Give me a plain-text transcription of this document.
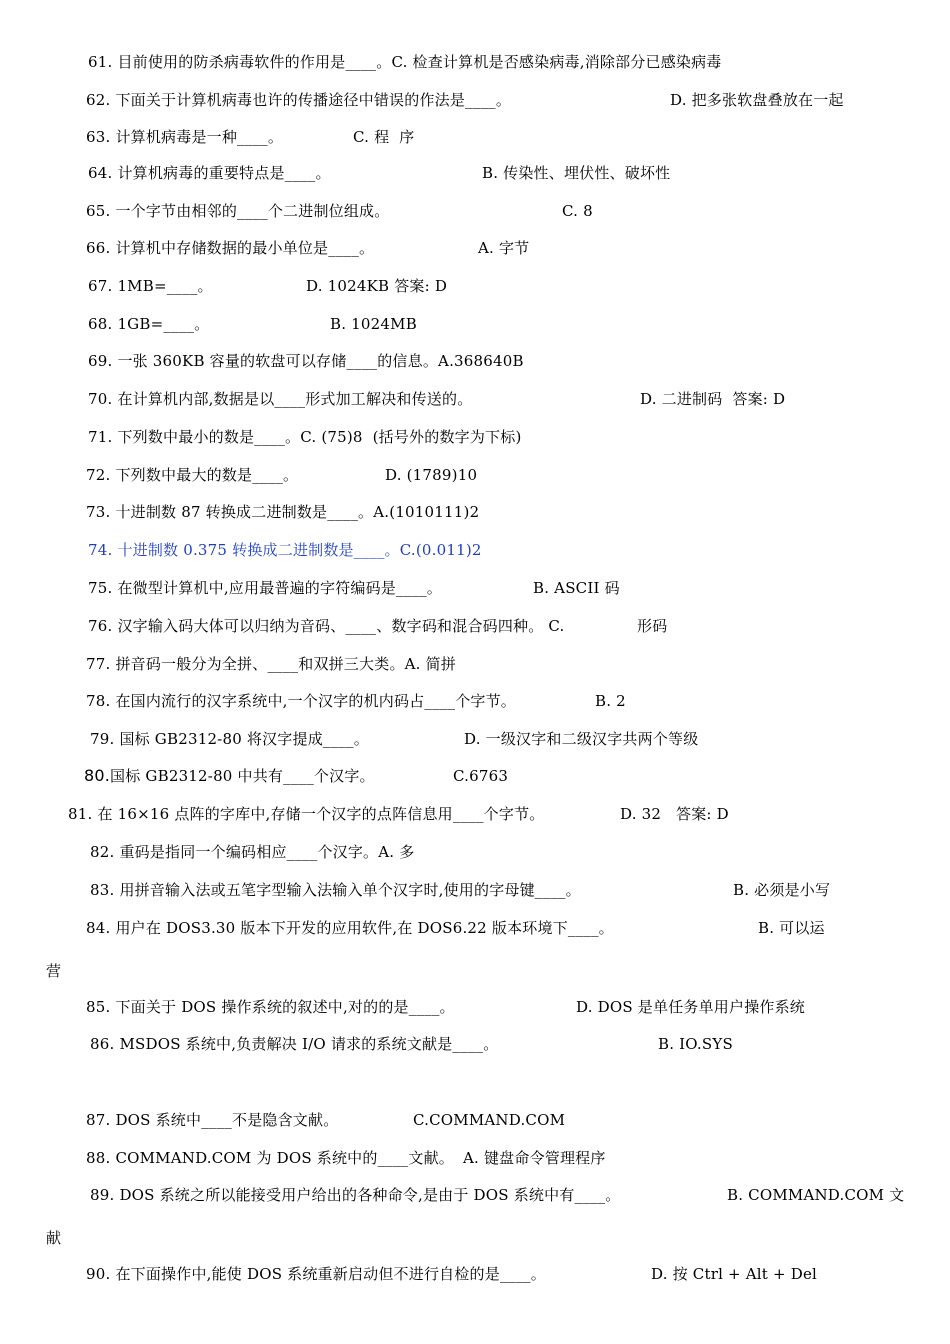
61. 目前使用的防杀病毒软件的作用是____。C. 检查计算机是否感染病毒,消除部分已感染病毒
62. 下面关于计算机病毒也许的传播途径中错误的作法是____。	D. 把多张软盘叠放在一起
63. 计算机病毒是一种____。	C. 程  序
64. 计算机病毒的重要特点是____。	B. 传染性、埋伏性、破坏性
65. 一个字节由相邻的____个二进制位组成。	C. 8
66. 计算机中存储数据的最小单位是____。	A. 字节
67. 1MB=____。	D. 1024KB 答案: D
68. 1GB=____。	B. 1024MB
69. 一张 360KB 容量的软盘可以存储____的信息。A.368640B
70. 在计算机内部,数据是以____形式加工解决和传送的。	D. 二进制码  答案: D
71. 下列数中最小的数是____。C. (75)8  (括号外的数字为下标)
72. 下列数中最大的数是____。	D. (1789)10
73. 十进制数 87 转换成二进制数是____。A.(1010111)2
74. 十进制数 0.375 转换成二进制数是____。C.(0.011)2
75. 在微型计算机中,应用最普遍的字符编码是____。	B. ASCII 码
76. 汉字输入码大体可以归纳为音码、____、数字码和混合码四种。 C.	形码
77. 拼音码一般分为全拼、____和双拼三大类。A. 简拼
78. 在国内流行的汉字系统中,一个汉字的机内码占____个字节。	B. 2
79. 国标 GB2312-80 将汉字提成____。	D. 一级汉字和二级汉字共两个等级
80.国标 GB2312-80 中共有____个汉字。	C.6763
81. 在 16×16 点阵的字库中,存储一个汉字的点阵信息用____个字节。	D. 32   答案: D
82. 重码是指同一个编码相应____个汉字。A. 多
83. 用拼音输入法或五笔字型输入法输入单个汉字时,使用的字母键____。	B. 必须是小写
84. 用户在 DOS3.30 版本下开发的应用软件,在 DOS6.22 版本环境下____。	B. 可以运
营
85. 下面关于 DOS 操作系统的叙述中,对的的是____。	D. DOS 是单任务单用户操作系统
86. MSDOS 系统中,负责解决 I/O 请求的系统文献是____。	B. IO.SYS
87. DOS 系统中____不是隐含文献。	C.COMMAND.COM
88. COMMAND.COM 为 DOS 系统中的____文献。 A. 键盘命令管理程序
89. DOS 系统之所以能接受用户给出的各种命令,是由于 DOS 系统中有____。	B. COMMAND.COM 文
献
90. 在下面操作中,能使 DOS 系统重新启动但不进行自检的是____。	D. 按 Ctrl + Alt + Del
